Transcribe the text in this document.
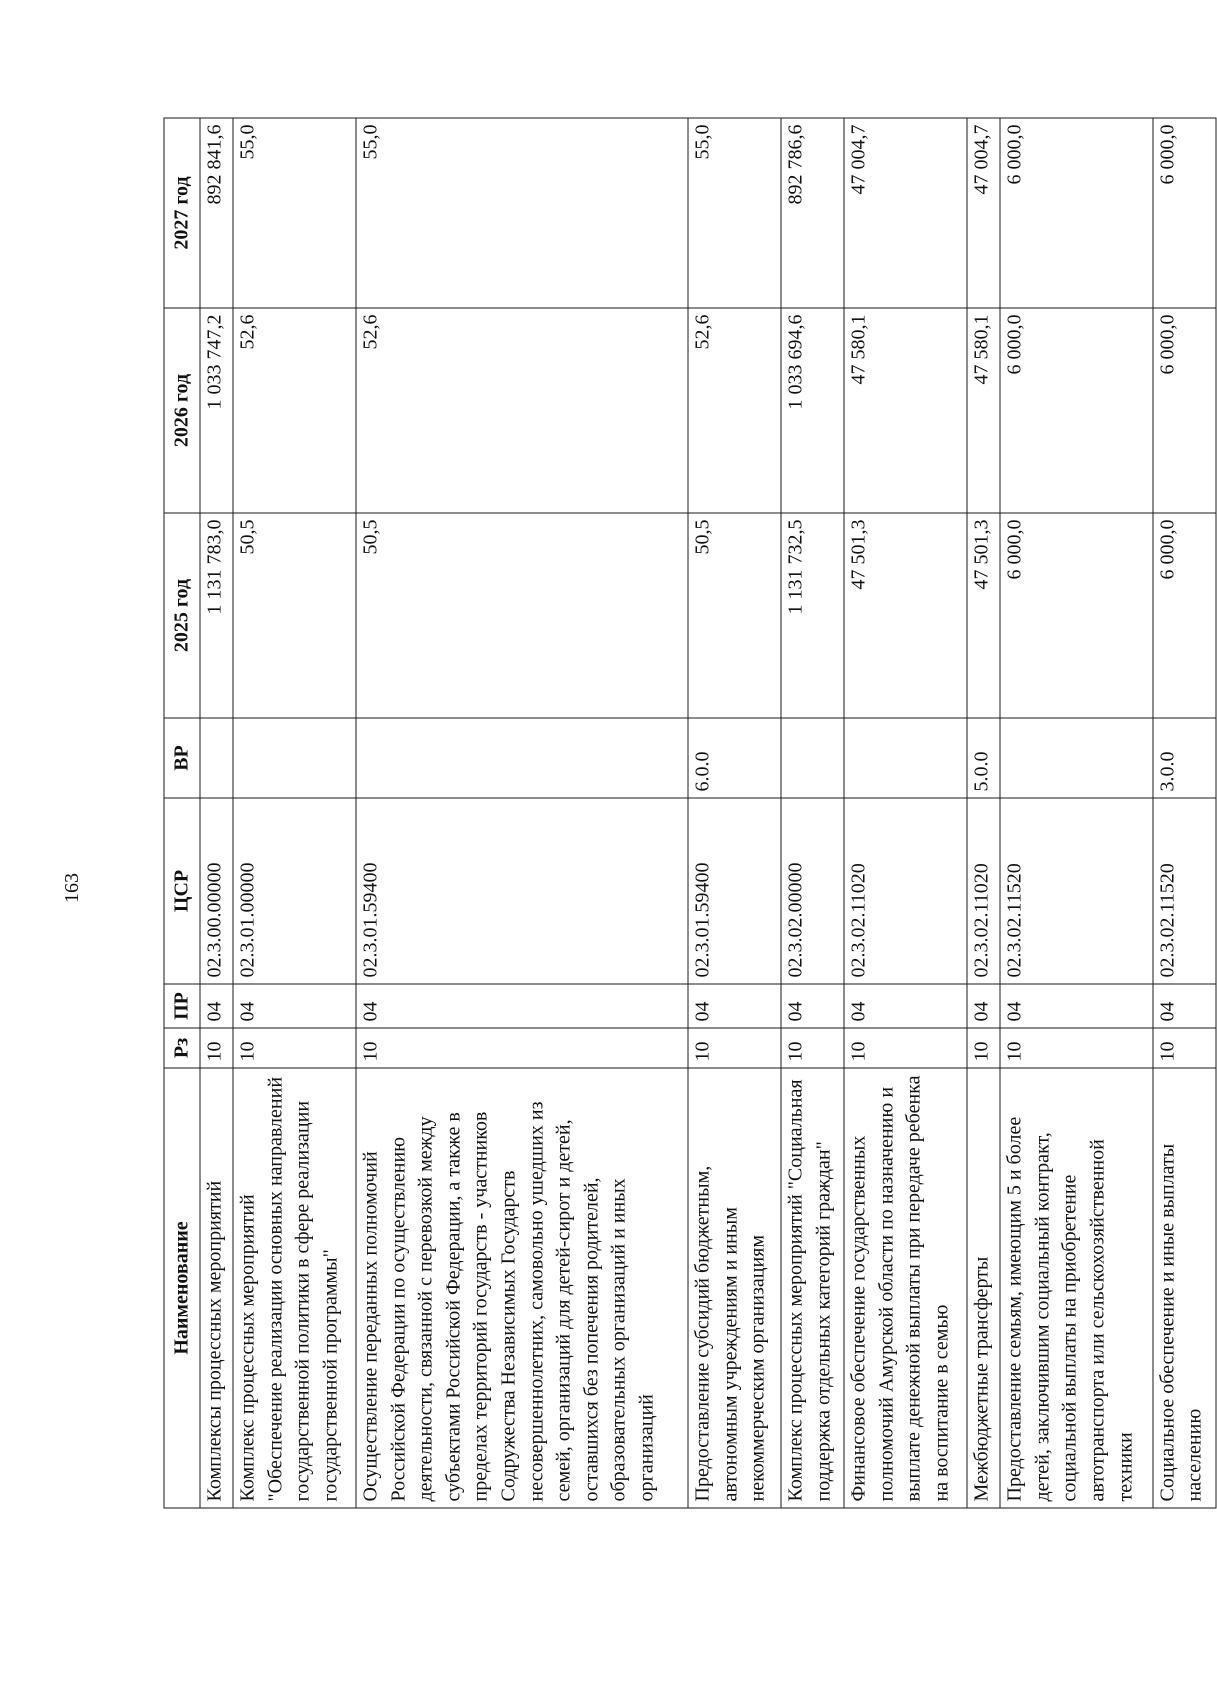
163
Наименование	Рз	ПР	ЦСР	ВР	2025 год	2026 год	2027 год
Комплексы процессных мероприятий	10	04	02.3.00.00000		1 131 783,0	1 033 747,2	892 841,6
Комплекс процессных мероприятий "Обеспечение реализации основных направлений государственной политики в сфере реализации государственной программы"	10	04	02.3.01.00000		50,5	52,6	55,0
Осуществление переданных полномочий Российской Федерации по осуществлению деятельности, связанной с перевозкой между субъектами Российской Федерации, а также в пределах территорий государств - участников Содружества Независимых Государств несовершеннолетних, самовольно ушедших из семей, организаций для детей-сирот и детей, оставшихся без попечения родителей, образовательных организаций и иных организаций	10	04	02.3.01.59400		50,5	52,6	55,0
Предоставление субсидий бюджетным, автономным учреждениям и иным некоммерческим организациям	10	04	02.3.01.59400	6.0.0	50,5	52,6	55,0
Комплекс процессных мероприятий "Социальная поддержка отдельных категорий граждан"	10	04	02.3.02.00000		1 131 732,5	1 033 694,6	892 786,6
Финансовое обеспечение государственных полномочий Амурской области по назначению и выплате денежной выплаты при передаче ребенка на воспитание в семью	10	04	02.3.02.11020		47 501,3	47 580,1	47 004,7
Межбюджетные трансферты	10	04	02.3.02.11020	5.0.0	47 501,3	47 580,1	47 004,7
Предоставление семьям, имеющим 5 и более детей, заключившим социальный контракт, социальной выплаты на приобретение автотранспорта или сельскохозяйственной техники	10	04	02.3.02.11520		6 000,0	6 000,0	6 000,0
Социальное обеспечение и иные выплаты населению	10	04	02.3.02.11520	3.0.0	6 000,0	6 000,0	6 000,0
